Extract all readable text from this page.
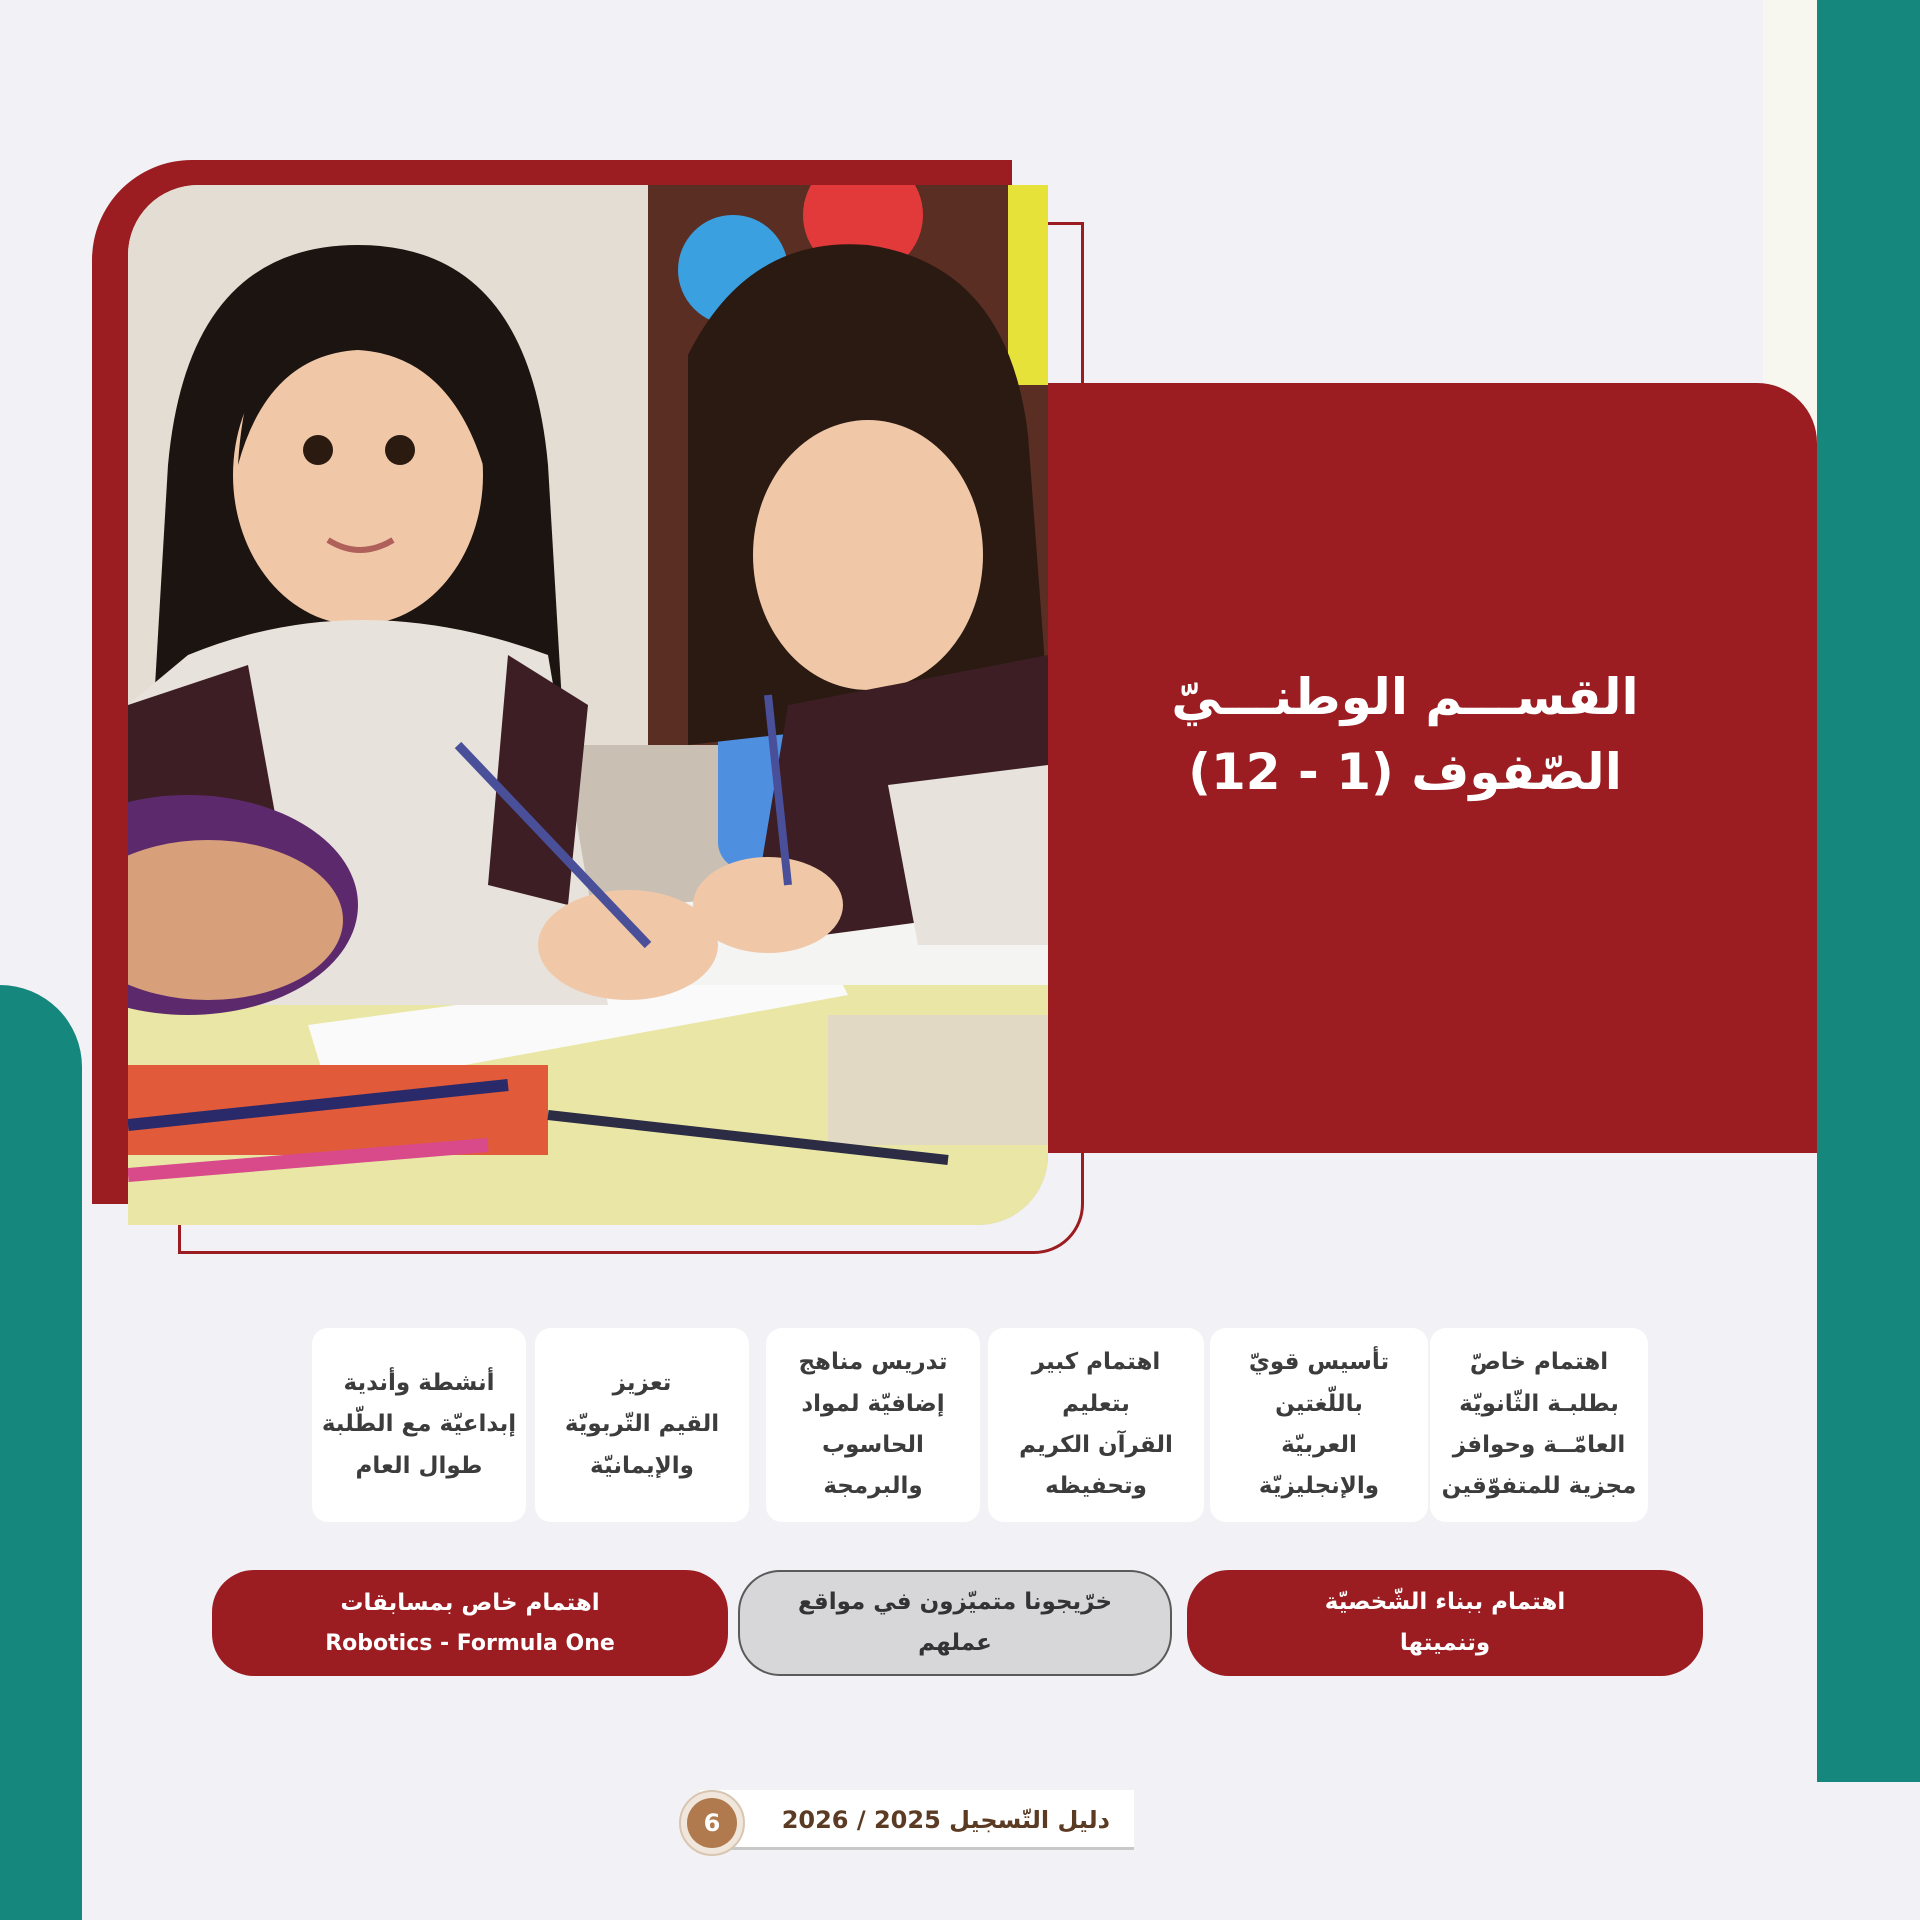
القســـم الوطنـــيّ
الصّفوف (1 - 12)
اهتمام خاصّ
بطلبـة الثّانويّة
العامّــة وحوافز
مجزية للمتفوّقين
تأسيس قويّ
باللّغتين
العربيّة
والإنجليزيّة
اهتمام كبير
بتعليم
القرآن الكريم
وتحفيظه
تدريس مناهج
إضافيّة لمواد
الحاسوب والبرمجة
تعزيز
القيم التّربويّة
والإيمانيّة
أنشطة وأندية
إبداعيّة مع الطّلبة
طوال العام
اهتمام ببناء الشّخصيّة
وتنميتها
خرّيجونا متميّزون في مواقع
عملهم
اهتمام خاص بمسابقات
Robotics - Formula One
دليل التّسجيل 2025 / 2026
6
